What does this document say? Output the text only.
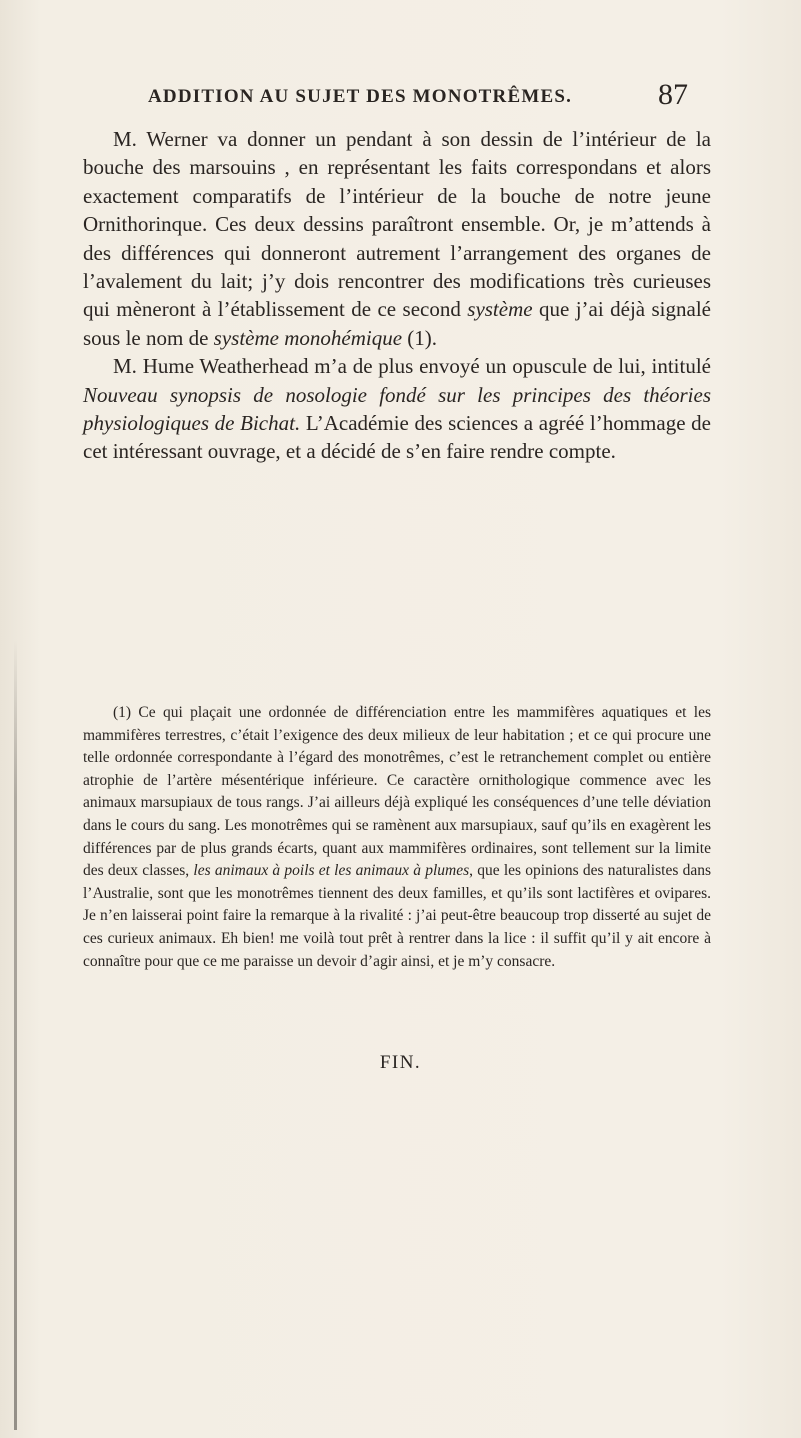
ADDITION AU SUJET DES MONOTRÊMES.	87

M. Werner va donner un pendant à son dessin de l’intérieur de la bouche des marsouins , en représentant les faits correspondans et alors exactement comparatifs de l’intérieur de la bouche de notre jeune Ornithorinque. Ces deux dessins paraîtront ensemble. Or, je m’attends à des différences qui donneront autrement l’arrangement des organes de l’avalement du lait; j’y dois rencontrer des modifications très curieuses qui mèneront à l’établissement de ce second système que j’ai déjà signalé sous le nom de système monohémique (1).

M. Hume Weatherhead m’a de plus envoyé un opuscule de lui, intitulé Nouveau synopsis de nosologie fondé sur les principes des théories physiologiques de Bichat. L’Académie des sciences a agréé l’hommage de cet intéressant ouvrage, et a décidé de s’en faire rendre compte.

(1) Ce qui plaçait une ordonnée de différenciation entre les mammifères aquatiques et les mammifères terrestres, c’était l’exigence des deux milieux de leur habitation ; et ce qui procure une telle ordonnée correspondante à l’égard des monotrêmes, c’est le retranchement complet ou entière atrophie de l’artère mésentérique inférieure. Ce caractère ornithologique commence avec les animaux marsupiaux de tous rangs. J’ai ailleurs déjà expliqué les conséquences d’une telle déviation dans le cours du sang. Les monotrêmes qui se ramènent aux marsupiaux, sauf qu’ils en exagèrent les différences par de plus grands écarts, quant aux mammifères ordinaires, sont tellement sur la limite des deux classes, les animaux à poils et les animaux à plumes, que les opinions des naturalistes dans l’Australie, sont que les monotrêmes tiennent des deux familles, et qu’ils sont lactifères et ovipares. Je n’en laisserai point faire la remarque à la rivalité : j’ai peut-être beaucoup trop disserté au sujet de ces curieux animaux. Eh bien! me voilà tout prêt à rentrer dans la lice : il suffit qu’il y ait encore à connaître pour que ce me paraisse un devoir d’agir ainsi, et je m’y consacre.

FIN.
